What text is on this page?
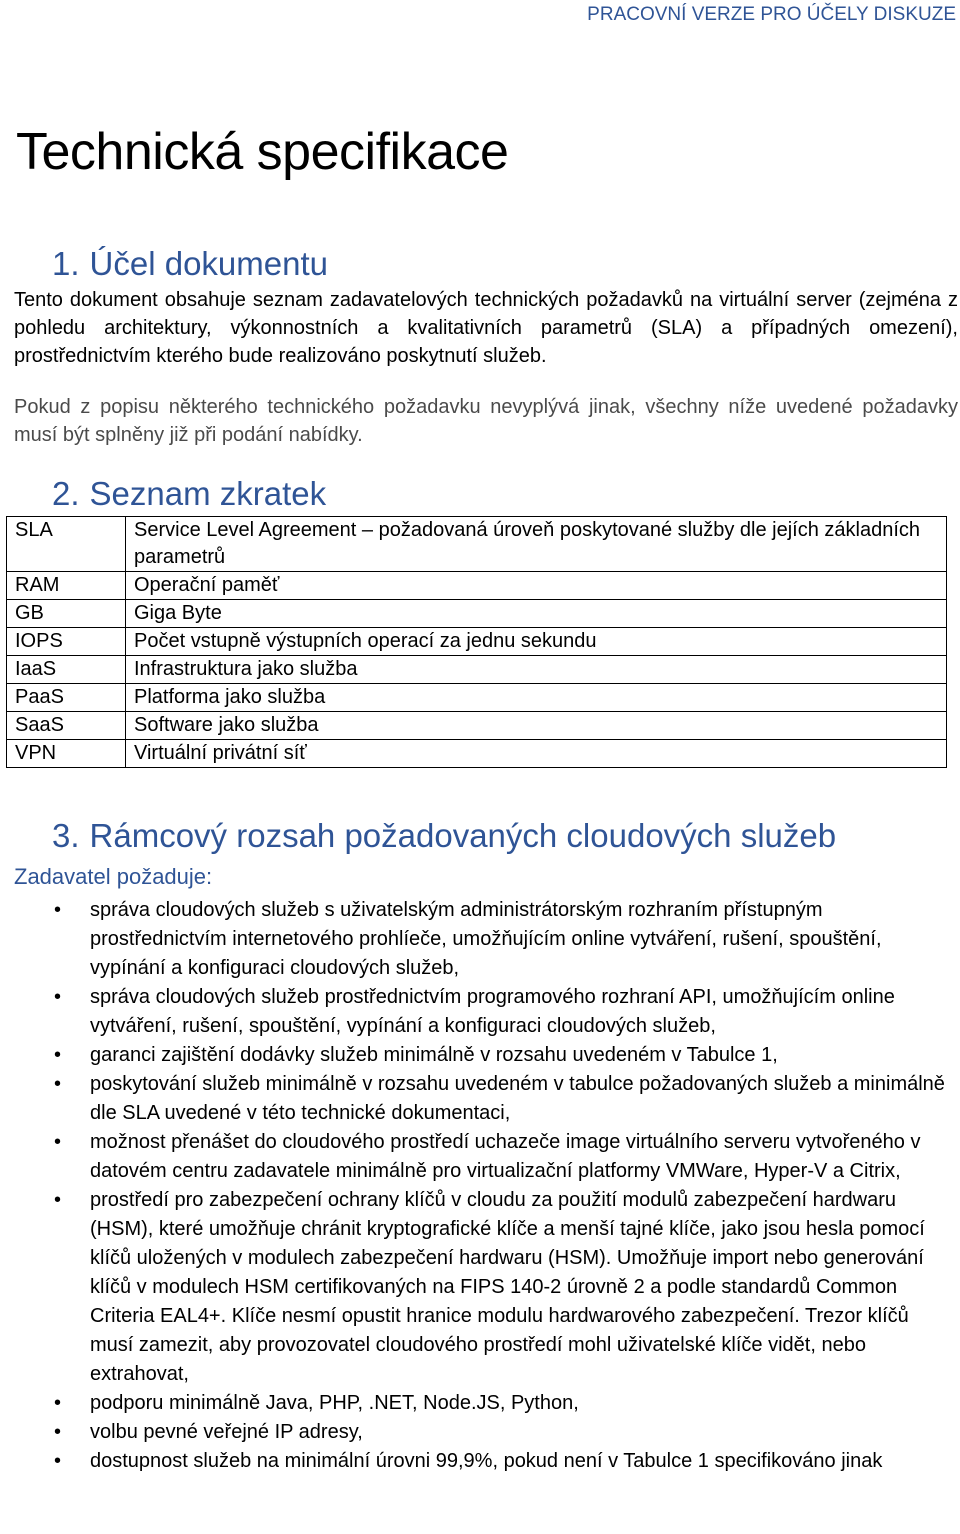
PRACOVNÍ VERZE PRO ÚČELY DISKUZE
Technická specifikace
1. Účel dokumentu

Tento dokument obsahuje seznam zadavatelových technických požadavků na virtuální server (zejména z pohledu architektury, výkonnostních a kvalitativních parametrů (SLA) a případných omezení), prostřednictvím kterého bude realizováno poskytnutí služeb.

Pokud z popisu některého technického požadavku nevyplývá jinak, všechny níže uvedené požadavky musí být splněny již při podání nabídky.

2. Seznam zkratek
SLA	Service Level Agreement – požadovaná úroveň poskytované služby dle jejích základních parametrů
RAM	Operační paměť
GB	Giga Byte
IOPS	Počet vstupně výstupních operací za jednu sekundu
IaaS	Infrastruktura jako služba
PaaS	Platforma jako služba
SaaS	Software jako služba
VPN	Virtuální privátní síť
3. Rámcový rozsah požadovaných cloudových služeb
Zadavatel požaduje:
• správa cloudových služeb s uživatelským administrátorským rozhraním přístupným prostřednictvím internetového prohlíeče, umožňujícím online vytváření, rušení, spouštění, vypínání a konfiguraci cloudových služeb,
• správa cloudových služeb prostřednictvím programového rozhraní API, umožňujícím online vytváření, rušení, spouštění, vypínání a konfiguraci cloudových služeb,
• garanci zajištění dodávky služeb minimálně v rozsahu uvedeném v Tabulce 1,
• poskytování služeb minimálně v rozsahu uvedeném v tabulce požadovaných služeb a minimálně dle SLA uvedené v této technické dokumentaci,
• možnost přenášet do cloudového prostředí uchazeče image virtuálního serveru vytvořeného v datovém centru zadavatele minimálně pro virtualizační platformy VMWare, Hyper-V a Citrix,
• prostředí pro zabezpečení ochrany klíčů v cloudu za použití modulů zabezpečení hardwaru (HSM), které umožňuje chránit kryptografické klíče a menší tajné klíče, jako jsou hesla pomocí klíčů uložených v modulech zabezpečení hardwaru (HSM). Umožňuje import nebo generování klíčů v modulech HSM certifikovaných na FIPS 140-2 úrovně 2 a podle standardů Common Criteria EAL4+. Klíče nesmí opustit hranice modulu hardwarového zabezpečení. Trezor klíčů musí zamezit, aby provozovatel cloudového prostředí mohl uživatelské klíče vidět, nebo extrahovat,
• podporu minimálně Java, PHP, .NET, Node.JS, Python,
• volbu pevné veřejné IP adresy,
• dostupnost služeb na minimální úrovni 99,9%, pokud není v Tabulce 1 specifikováno jinak
